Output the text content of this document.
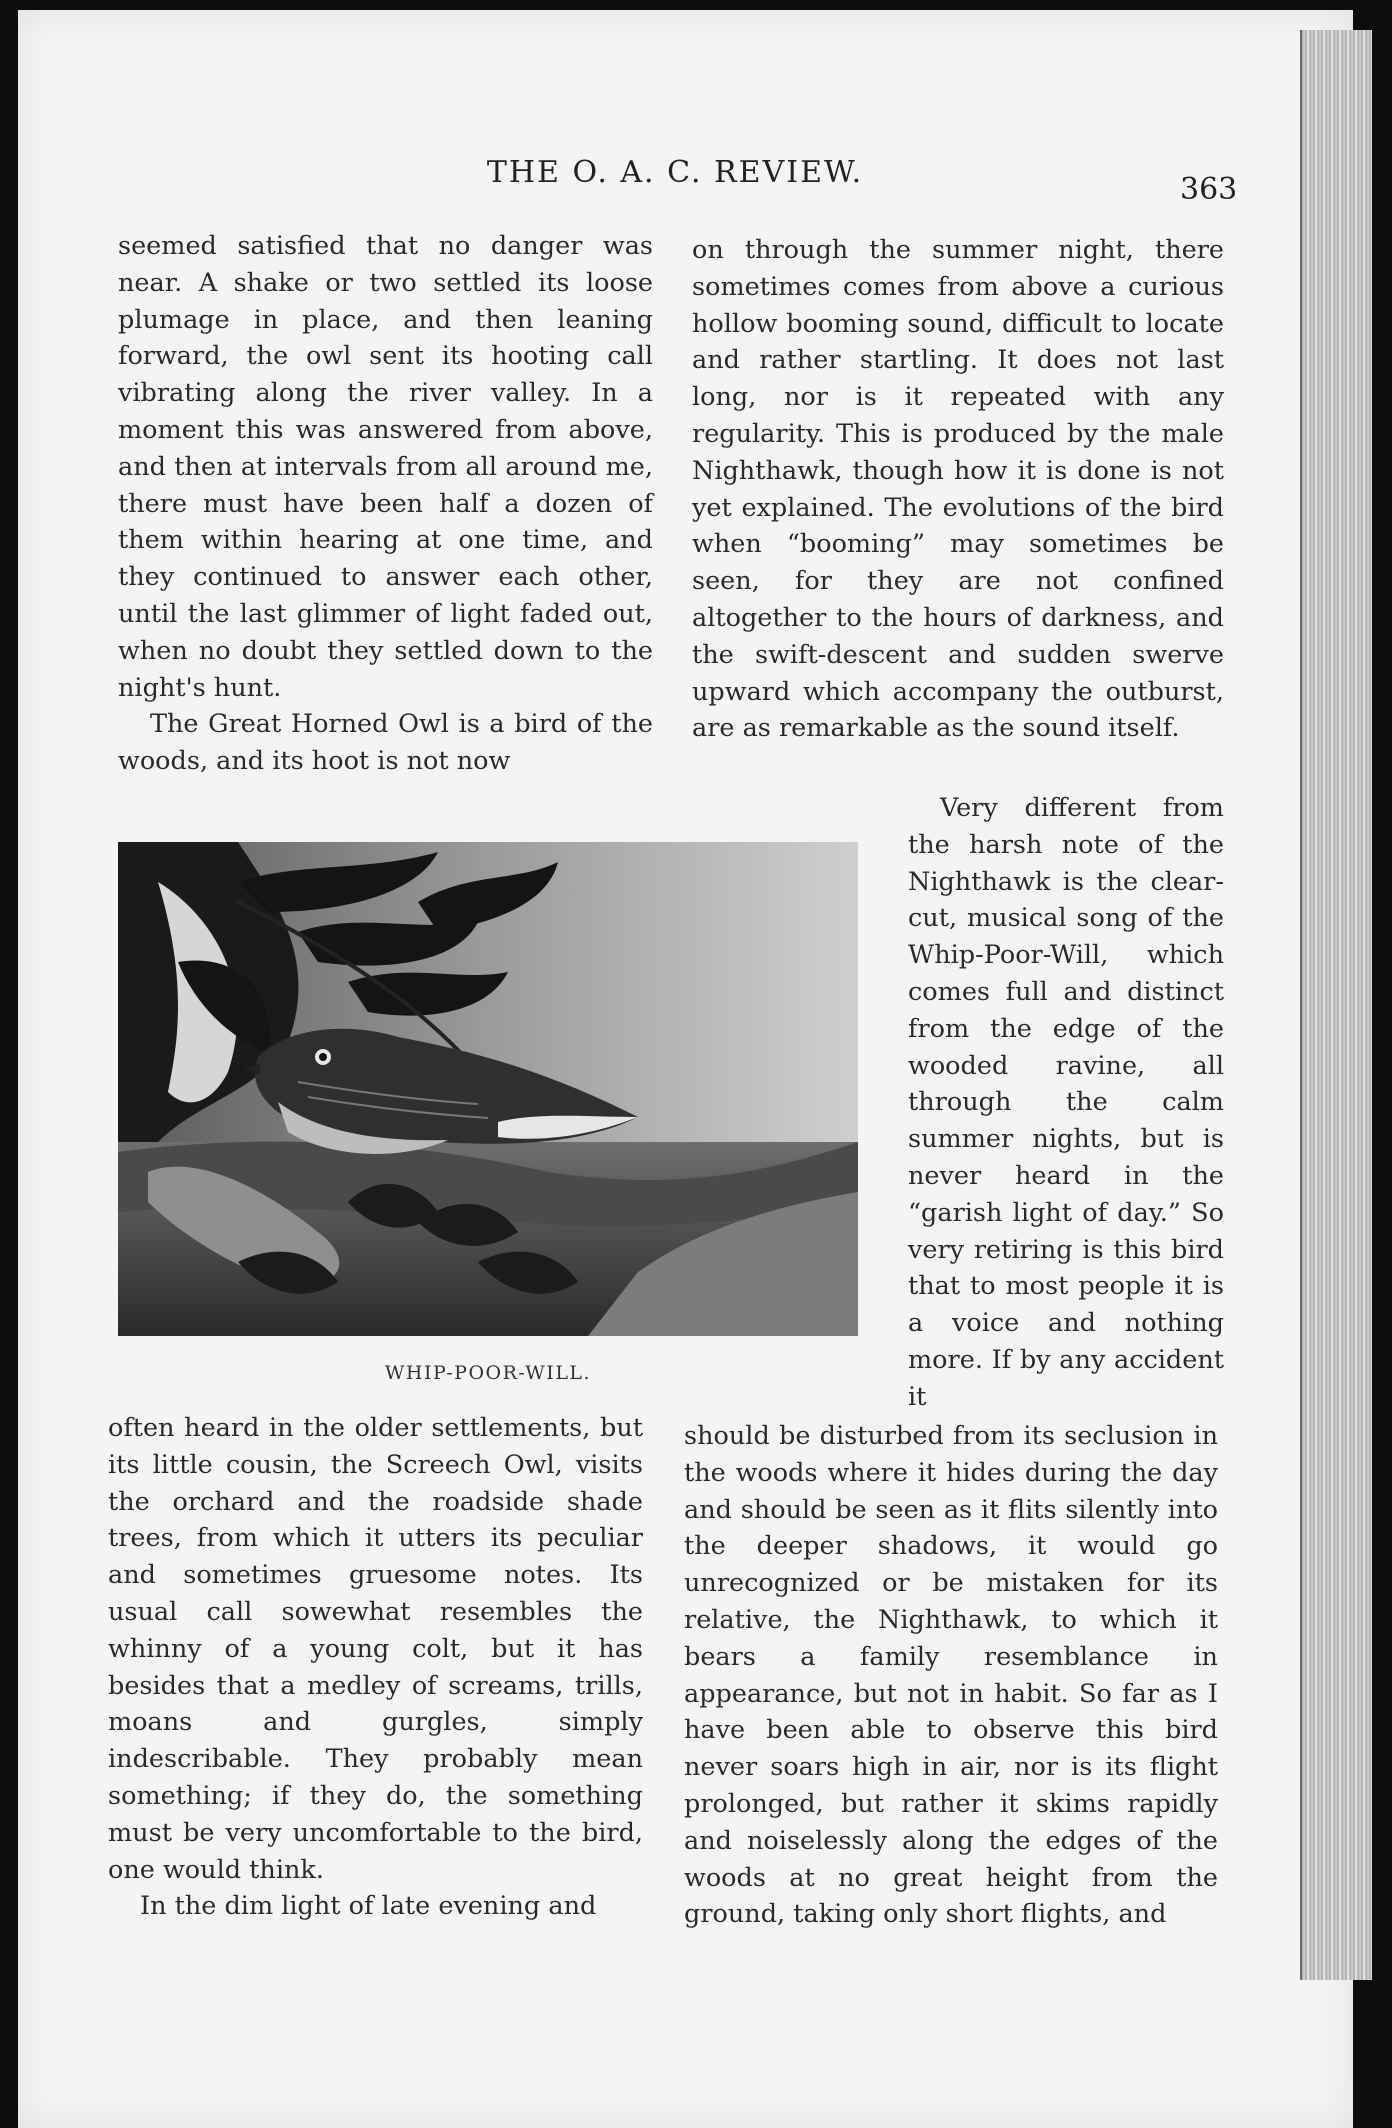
THE O. A. C. REVIEW.	363

seemed satisfied that no danger was near. A shake or two settled its loose plumage in place, and then leaning forward, the owl sent its hooting call vibrating along the river valley. In a moment this was answered from above, and then at intervals from all around me, there must have been half a dozen of them within hearing at one time, and they continued to answer each other, until the last glimmer of light faded out, when no doubt they settled down to the night's hunt.

The Great Horned Owl is a bird of the woods, and its hoot is not now

on through the summer night, there sometimes comes from above a curious hollow booming sound, difficult to locate and rather startling. It does not last long, nor is it repeated with any regularity. This is produced by the male Nighthawk, though how it is done is not yet explained. The evolutions of the bird when “booming” may sometimes be seen, for they are not confined altogether to the hours of darkness, and the swift-descent and sudden swerve upward which accompany the outburst, are as remarkable as the sound itself.

Very different from the harsh note of the Nighthawk is the clear-cut, musical song of the Whip-Poor-Will, which comes full and distinct from the edge of the wooded ravine, all through the calm summer nights, but is never heard in the “garish light of day.” So very retiring is this bird that to most people it is a voice and nothing more. If by any accident it

WHIP-POOR-WILL.

often heard in the older settlements, but its little cousin, the Screech Owl, visits the orchard and the roadside shade trees, from which it utters its peculiar and sometimes gruesome notes. Its usual call sowewhat resembles the whinny of a young colt, but it has besides that a medley of screams, trills, moans and gurgles, simply indescribable. They probably mean something; if they do, the something must be very uncomfortable to the bird, one would think.

In the dim light of late evening and

should be disturbed from its seclusion in the woods where it hides during the day and should be seen as it flits silently into the deeper shadows, it would go unrecognized or be mistaken for its relative, the Nighthawk, to which it bears a family resemblance in appearance, but not in habit. So far as I have been able to observe this bird never soars high in air, nor is its flight prolonged, but rather it skims rapidly and noiselessly along the edges of the woods at no great height from the ground, taking only short flights, and
